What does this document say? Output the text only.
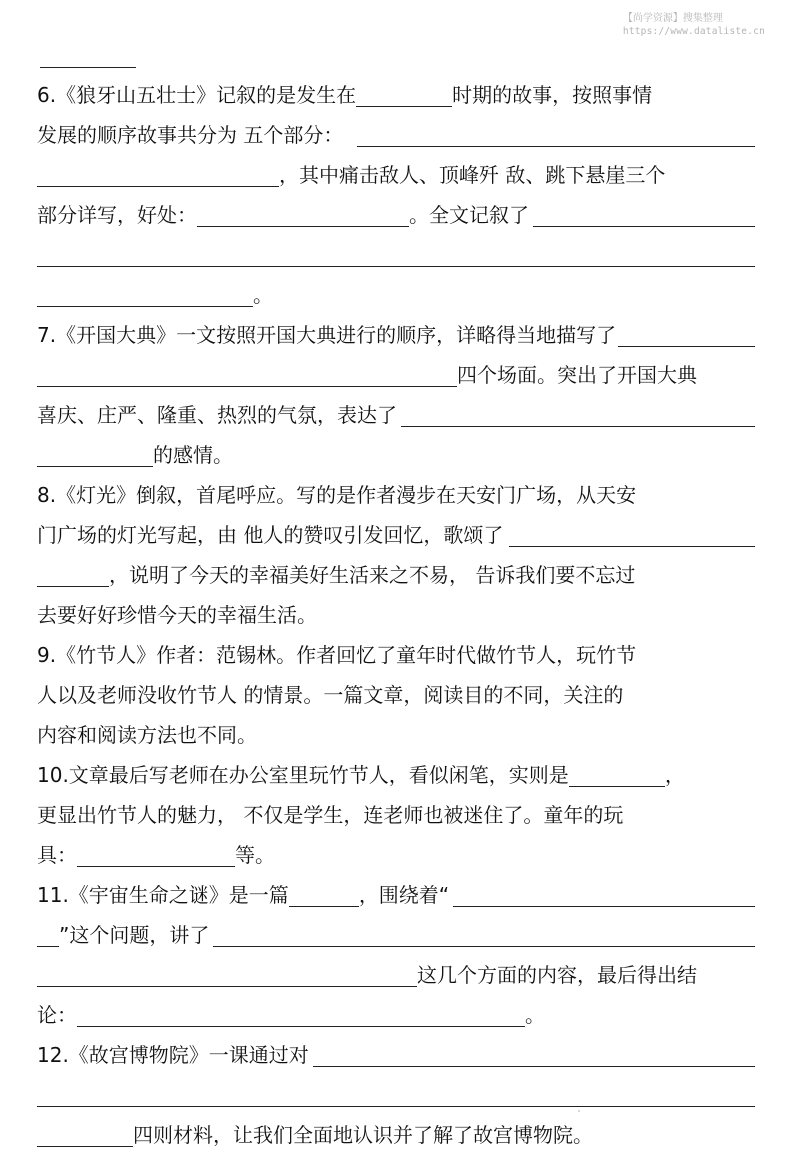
【尚学资源】搜集整理
https://www.dataliste.cn
6.《狼牙山五壮士》记叙的是发生在	时期的故事，按照事情
发展的顺序故事共分为 五个部分：
，其中痛击敌人、顶峰歼 敌、跳下悬崖三个
部分详写，好处：	。全文记叙了
。
7.《开国大典》一文按照开国大典进行的顺序，详略得当地描写了
四个场面。突出了开国大典
喜庆、庄严、隆重、热烈的气氛，表达了
的感情。
8.《灯光》倒叙，首尾呼应。写的是作者漫步在天安门广场，从天安
门广场的灯光写起，由 他人的赞叹引发回忆，歌颂了
，说明了今天的幸福美好生活来之不易， 告诉我们要不忘过
去要好好珍惜今天的幸福生活。
9.《竹节人》作者：范锡林。作者回忆了童年时代做竹节人，玩竹节
人以及老师没收竹节人 的情景。一篇文章，阅读目的不同，关注的
内容和阅读方法也不同。
10.文章最后写老师在办公室里玩竹节人，看似闲笔，实则是	，
更显出竹节人的魅力， 不仅是学生，连老师也被迷住了。童年的玩
具：	等。
11.《宇宙生命之谜》是一篇	，围绕着“
”这个问题，讲了
这几个方面的内容，最后得出结
论：	。
12.《故宫博物院》一课通过对
四则材料，让我们全面地认识并了解了故宫博物院。
